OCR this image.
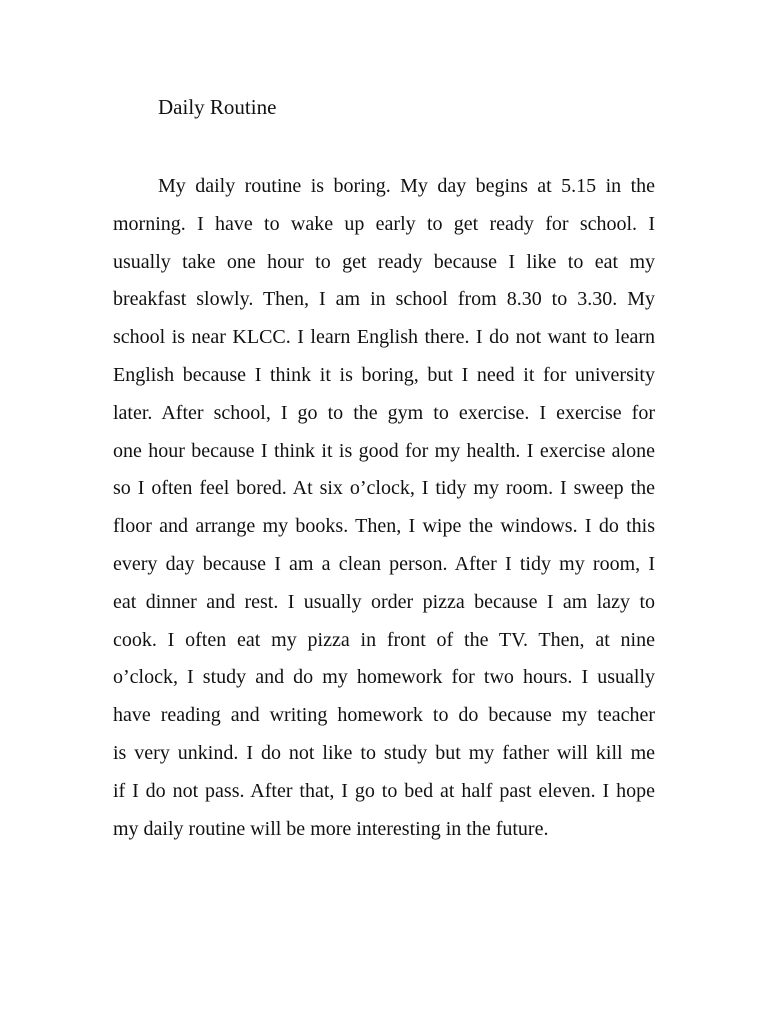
Daily Routine
My daily routine is boring. My day begins at 5.15 in the
morning. I have to wake up early to get ready for school. I
usually take one hour to get ready because I like to eat my
breakfast slowly. Then, I am in school from 8.30 to 3.30. My
school is near KLCC. I learn English there. I do not want to learn
English because I think it is boring, but I need it for university
later. After school, I go to the gym to exercise. I exercise for
one hour because I think it is good for my health. I exercise alone
so I often feel bored. At six o’clock, I tidy my room. I sweep the
floor and arrange my books. Then, I wipe the windows. I do this
every day because I am a clean person. After I tidy my room, I
eat dinner and rest. I usually order pizza because I am lazy to
cook. I often eat my pizza in front of the TV. Then, at nine
o’clock, I study and do my homework for two hours. I usually
have reading and writing homework to do because my teacher
is very unkind. I do not like to study but my father will kill me
if I do not pass. After that, I go to bed at half past eleven. I hope
my daily routine will be more interesting in the future.
